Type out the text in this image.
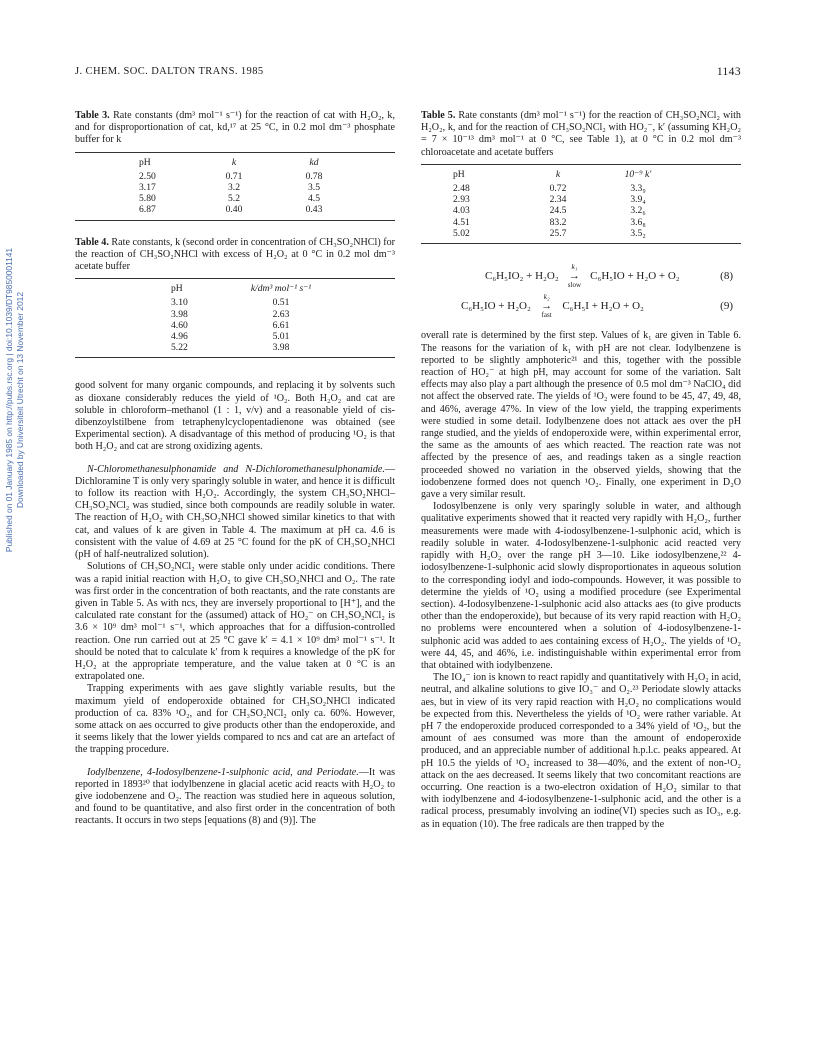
Published on 01 January 1985 on http://pubs.rsc.org | doi:10.1039/DT9850001141 Downloaded by Universiteit Utrecht on 13 November 2012
J. CHEM. SOC. DALTON TRANS. 1985	1143
Table 3. Rate constants (dm³ mol⁻¹ s⁻¹) for the reaction of cat with H₂O₂, k, and for disproportionation of cat, kd,¹⁷ at 25 °C, in 0.2 mol dm⁻³ phosphate buffer for k
pH	k	kd
2.50	0.71	0.78
3.17	3.2	3.5
5.80	5.2	4.5
6.87	0.40	0.43
Table 4. Rate constants, k (second order in concentration of CH₃SO₂NHCl) for the reaction of CH₃SO₂NHCl with excess of H₂O₂ at 0 °C in 0.2 mol dm⁻³ acetate buffer
pH	k/dm³ mol⁻¹ s⁻¹
3.10	0.51
3.98	2.63
4.60	6.61
4.96	5.01
5.22	3.98

good solvent for many organic compounds, and replacing it by solvents such as dioxane considerably reduces the yield of ¹O₂. Both H₂O₂ and cat are soluble in chloroform–methanol (1 : 1, v/v) and a reasonable yield of cis-dibenzoylstilbene from tetraphenylcyclopentadienone was obtained (see Experimental section). A disadvantage of this method of producing ¹O₂ is that both H₂O₂ and cat are strong oxidizing agents.

N-Chloromethanesulphonamide and N-Dichloromethanesulphonamide.—Dichloramine T is only very sparingly soluble in water, and hence it is difficult to follow its reaction with H₂O₂. Accordingly, the system CH₃SO₂NHCl–CH₃SO₂NCl₂ was studied, since both compounds are readily soluble in water. The reaction of H₂O₂ with CH₃SO₂NHCl showed similar kinetics to that with cat, and values of k are given in Table 4. The maximum at pH ca. 4.6 is consistent with the value of 4.69 at 25 °C found for the pK of CH₃SO₂NHCl (pH of half-neutralized solution).

Solutions of CH₃SO₂NCl₂ were stable only under acidic conditions. There was a rapid initial reaction with H₂O₂ to give CH₃SO₂NHCl and O₂. The rate was first order in the concentration of both reactants, and the rate constants are given in Table 5. As with ncs, they are inversely proportional to [H⁺], and the calculated rate constant for the (assumed) attack of HO₂⁻ on CH₃SO₂NCl₂ is 3.6 × 10⁹ dm³ mol⁻¹ s⁻¹, which approaches that for a diffusion-controlled reaction. One run carried out at 25 °C gave k′ = 4.1 × 10⁹ dm³ mol⁻¹ s⁻¹. It should be noted that to calculate k′ from k requires a knowledge of the pK for H₂O₂ at the appropriate temperature, and the value taken at 0 °C is an extrapolated one.

Trapping experiments with aes gave slightly variable results, but the maximum yield of endoperoxide obtained for CH₃SO₂NHCl indicated production of ca. 83% ¹O₂, and for CH₃SO₂NCl₂ only ca. 60%. However, some attack on aes occurred to give products other than the endoperoxide, and it seems likely that the lower yields compared to ncs and cat are an artefact of the trapping procedure.

Iodylbenzene, 4-Iodosylbenzene-1-sulphonic acid, and Periodate.—It was reported in 1893²⁰ that iodylbenzene in glacial acetic acid reacts with H₂O₂ to give iodobenzene and O₂. The reaction was studied here in aqueous solution, and found to be quantitative, and also first order in the concentration of both reactants. It occurs in two steps [equations (8) and (9)]. The

Table 5. Rate constants (dm³ mol⁻¹ s⁻¹) for the reaction of CH₃SO₂NCl₂ with H₂O₂, k, and for the reaction of CH₃SO₂NCl₂ with HO₂⁻, k′ (assuming KH₂O₂ = 7 × 10⁻¹³ dm³ mol⁻¹ at 0 °C, see Table 1), at 0 °C in 0.2 mol dm⁻³ chloroacetate and acetate buffers
pH	k	10⁻⁹ k′
2.48	0.72	3.3₉
2.93	2.34	3.9₄
4.03	24.5	3.2₆
4.51	83.2	3.6₈
5.02	25.7	3.5₂
C₆H₅IO₂ + H₂O₂ →
k₁
slow
C₆H₅IO + H₂O + O₂	(8)
C₆H₅IO + H₂O₂ →
k₂
fast
C₆H₅I + H₂O + O₂	(9)

overall rate is determined by the first step. Values of k₁ are given in Table 6. The reasons for the variation of k₁ with pH are not clear. Iodylbenzene is reported to be slightly amphoteric²¹ and this, together with the possible reaction of HO₂⁻ at high pH, may account for some of the variation. Salt effects may also play a part although the presence of 0.5 mol dm⁻³ NaClO₄ did not affect the observed rate. The yields of ¹O₂ were found to be 45, 47, 49, 48, and 46%, average 47%. In view of the low yield, the trapping experiments were studied in some detail. Iodylbenzene does not attack aes over the pH range studied, and the yields of endoperoxide were, within experimental error, the same as the amounts of aes which reacted. The reaction rate was not affected by the presence of aes, and readings taken as a single reaction proceeded showed no variation in the observed yields, showing that the iodobenzene formed does not quench ¹O₂. Finally, one experiment in D₂O gave a very similar result.

Iodosylbenzene is only very sparingly soluble in water, and although qualitative experiments showed that it reacted very rapidly with H₂O₂, further measurements were made with 4-iodosylbenzene-1-sulphonic acid, which is readily soluble in water. 4-Iodosylbenzene-1-sulphonic acid reacted very rapidly with H₂O₂ over the range pH 3—10. Like iodosylbenzene,²² 4-iodosylbenzene-1-sulphonic acid slowly disproportionates in aqueous solution to the corresponding iodyl and iodo-compounds. However, it was possible to determine the yields of ¹O₂ using a modified procedure (see Experimental section). 4-Iodosylbenzene-1-sulphonic acid also attacks aes (to give products other than the endoperoxide), but because of its very rapid reaction with H₂O₂ no problems were encountered when a solution of 4-iodosylbenzene-1-sulphonic acid was added to aes containing excess of H₂O₂. The yields of ¹O₂ were 44, 45, and 46%, i.e. indistinguishable within experimental error from that obtained with iodylbenzene.

The IO₄⁻ ion is known to react rapidly and quantitatively with H₂O₂ in acid, neutral, and alkaline solutions to give IO₃⁻ and O₂.²³ Periodate slowly attacks aes, but in view of its very rapid reaction with H₂O₂ no complications would be expected from this. Nevertheless the yields of ¹O₂ were rather variable. At pH 7 the endoperoxide produced corresponded to a 34% yield of ¹O₂, but the amount of aes consumed was more than the amount of endoperoxide produced, and an appreciable number of additional h.p.l.c. peaks appeared. At pH 10.5 the yields of ¹O₂ increased to 38—40%, and the extent of non-¹O₂ attack on the aes decreased. It seems likely that two concomitant reactions are occurring. One reaction is a two-electron oxidation of H₂O₂ similar to that with iodylbenzene and 4-iodosylbenzene-1-sulphonic acid, and the other is a radical process, presumably involving an iodine(VI) species such as IO₃, e.g. as in equation (10). The free radicals are then trapped by the
